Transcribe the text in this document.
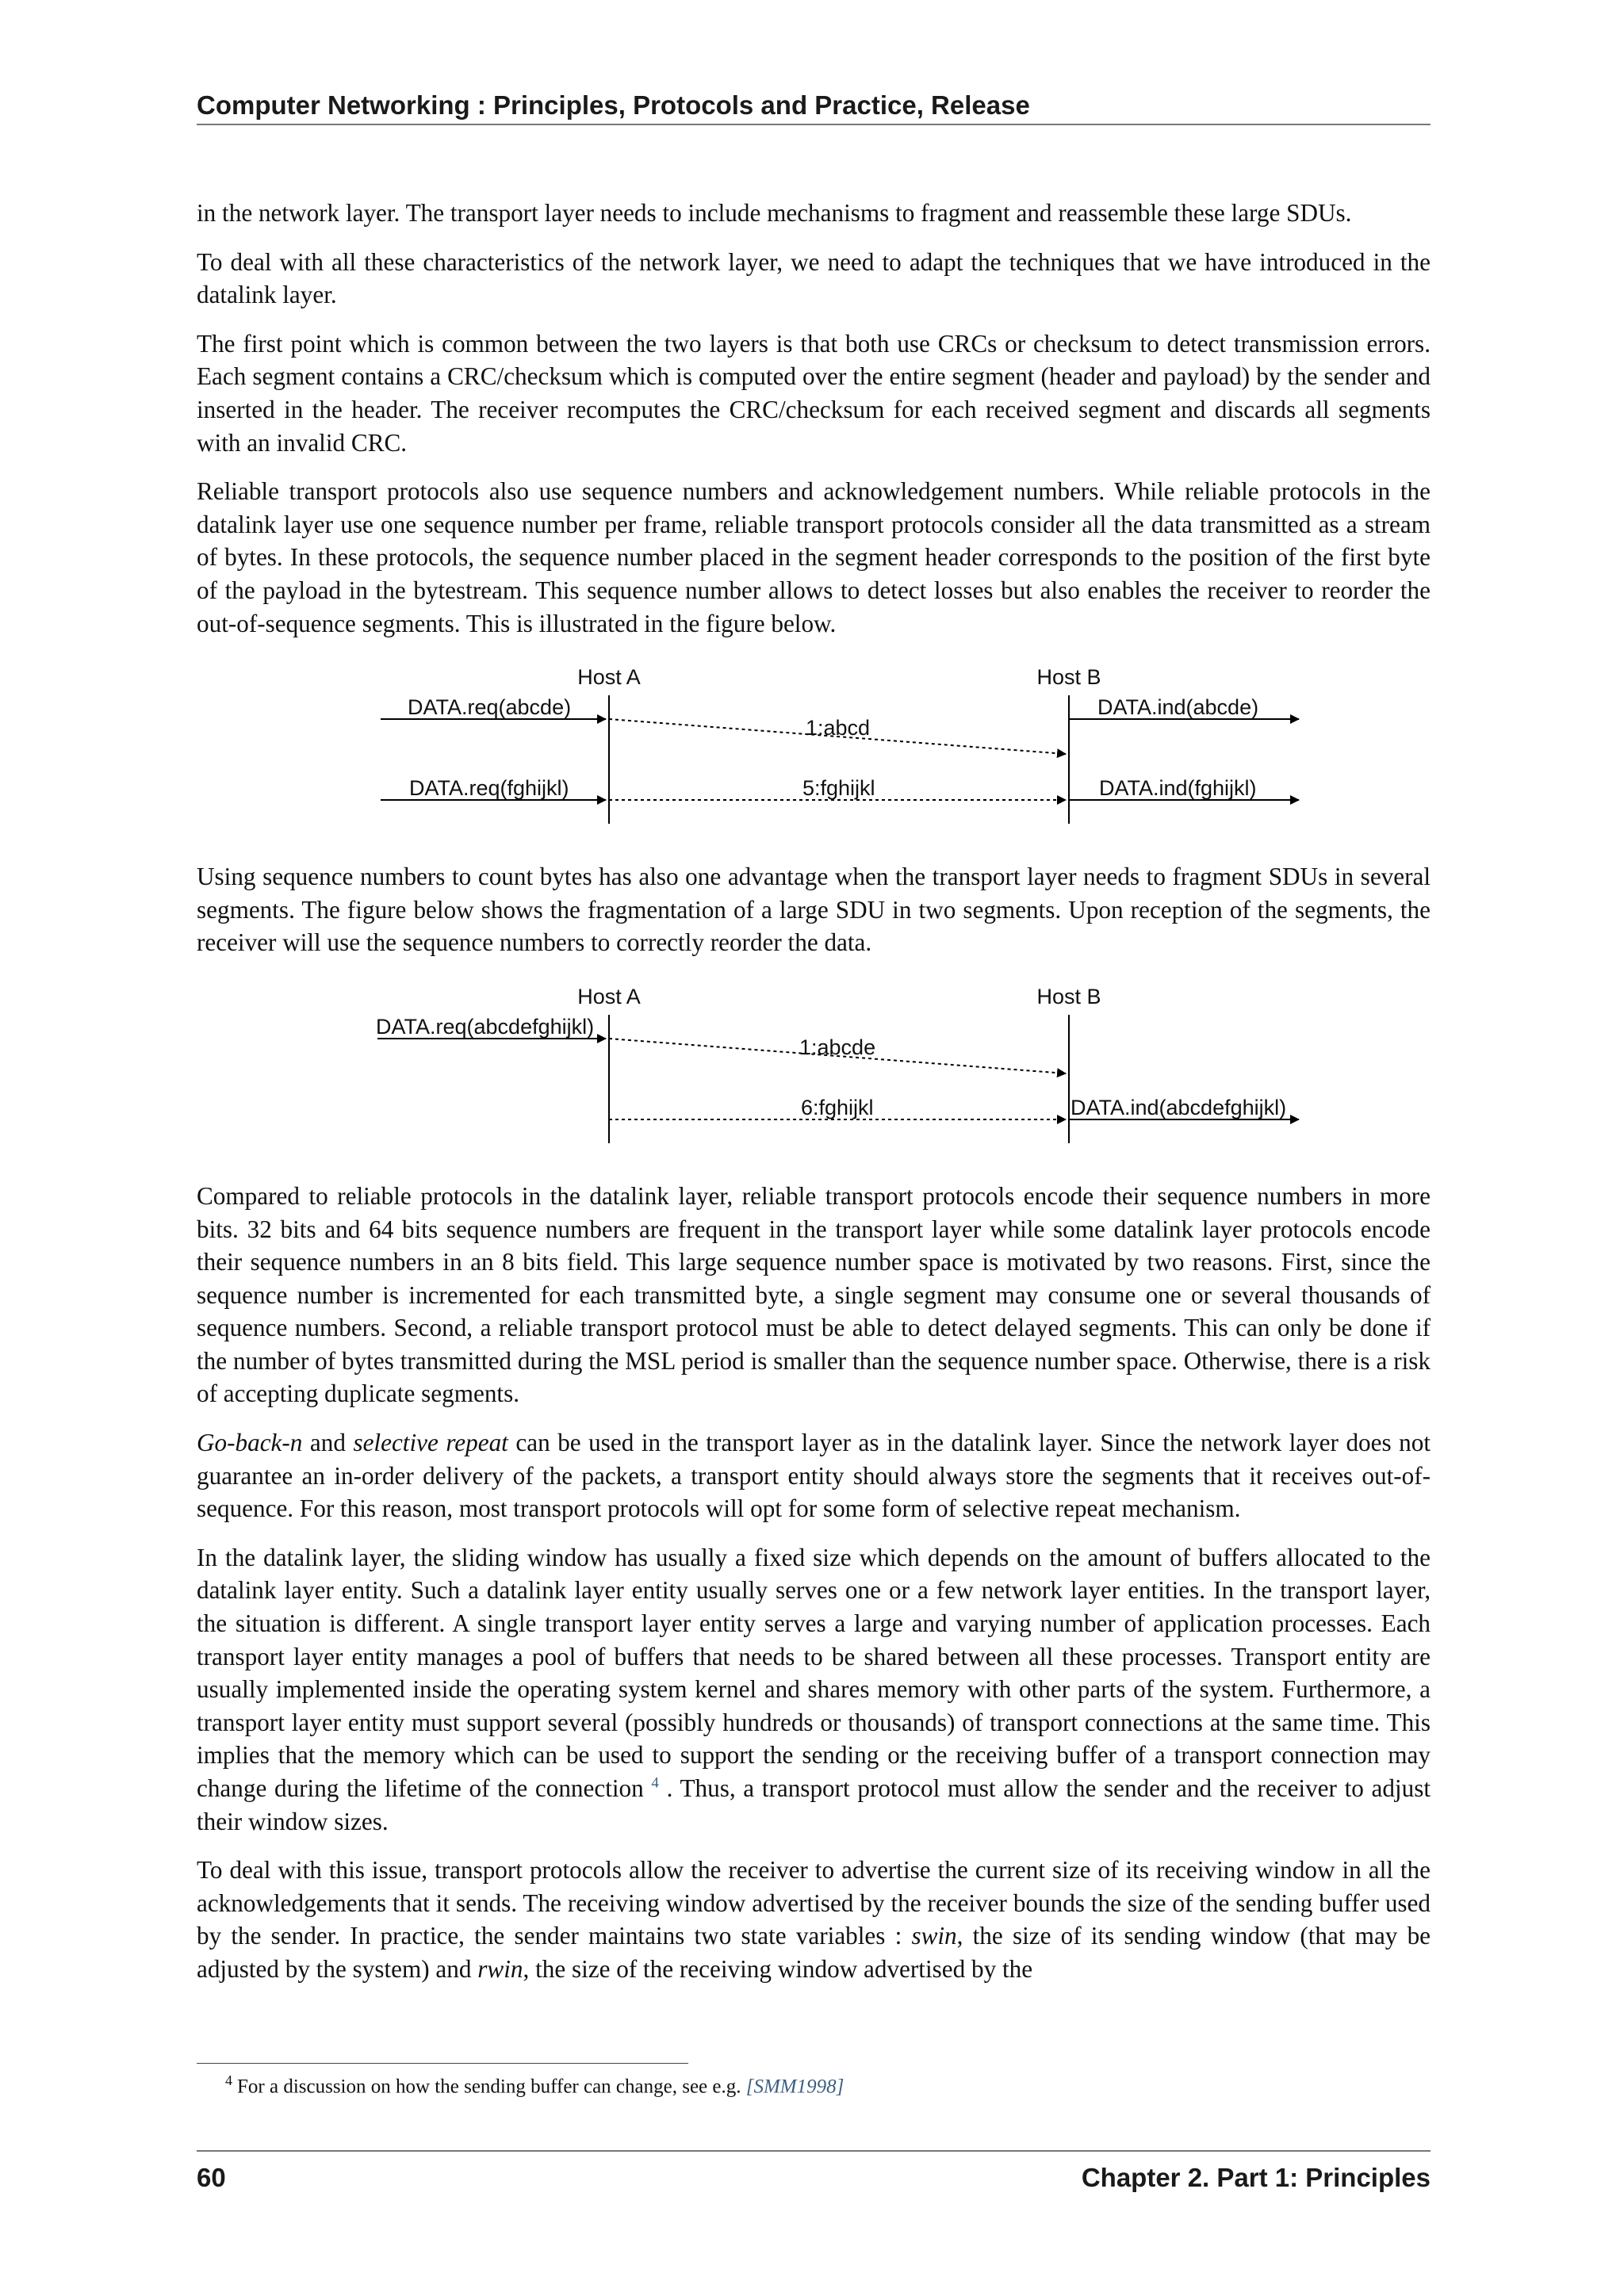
Computer Networking : Principles, Protocols and Practice, Release

in the network layer. The transport layer needs to include mechanisms to fragment and reassemble these large SDUs.

To deal with all these characteristics of the network layer, we need to adapt the techniques that we have introduced in the datalink layer.

The first point which is common between the two layers is that both use CRCs or checksum to detect transmission errors. Each segment contains a CRC/checksum which is computed over the entire segment (header and payload) by the sender and inserted in the header. The receiver recomputes the CRC/checksum for each received segment and discards all segments with an invalid CRC.

Reliable transport protocols also use sequence numbers and acknowledgement numbers. While reliable protocols in the datalink layer use one sequence number per frame, reliable transport protocols consider all the data transmitted as a stream of bytes. In these protocols, the sequence number placed in the segment header corresponds to the position of the first byte of the payload in the bytestream. This sequence number allows to detect losses but also enables the receiver to reorder the out-of-sequence segments. This is illustrated in the figure below.

Host A	Host B
DATA.req(abcde)
1:abcd
DATA.ind(abcde)
DATA.req(fghijkl)	5:fghijkl	DATA.ind(fghijkl)

Using sequence numbers to count bytes has also one advantage when the transport layer needs to fragment SDUs in several segments. The figure below shows the fragmentation of a large SDU in two segments. Upon reception of the segments, the receiver will use the sequence numbers to correctly reorder the data.

Host A	Host B
DATA.req(abcdefghijkl)
1:abcde
6:fghijkl	DATA.ind(abcdefghijkl)

Compared to reliable protocols in the datalink layer, reliable transport protocols encode their sequence numbers in more bits. 32 bits and 64 bits sequence numbers are frequent in the transport layer while some datalink layer protocols encode their sequence numbers in an 8 bits field. This large sequence number space is motivated by two reasons. First, since the sequence number is incremented for each transmitted byte, a single segment may consume one or several thousands of sequence numbers. Second, a reliable transport protocol must be able to detect delayed segments. This can only be done if the number of bytes transmitted during the MSL period is smaller than the sequence number space. Otherwise, there is a risk of accepting duplicate segments.

Go-back-n and selective repeat can be used in the transport layer as in the datalink layer. Since the network layer does not guarantee an in-order delivery of the packets, a transport entity should always store the segments that it receives out-of-sequence. For this reason, most transport protocols will opt for some form of selective repeat mechanism.

In the datalink layer, the sliding window has usually a fixed size which depends on the amount of buffers allocated to the datalink layer entity. Such a datalink layer entity usually serves one or a few network layer entities. In the transport layer, the situation is different. A single transport layer entity serves a large and varying number of application processes. Each transport layer entity manages a pool of buffers that needs to be shared between all these processes. Transport entity are usually implemented inside the operating system kernel and shares memory with other parts of the system. Furthermore, a transport layer entity must support several (possibly hundreds or thousands) of transport connections at the same time. This implies that the memory which can be used to support the sending or the receiving buffer of a transport connection may change during the lifetime of the connection $^4$ . Thus, a transport protocol must allow the sender and the receiver to adjust their window sizes.

To deal with this issue, transport protocols allow the receiver to advertise the current size of its receiving window in all the acknowledgements that it sends. The receiving window advertised by the receiver bounds the size of the sending buffer used by the sender. In practice, the sender maintains two state variables : swin, the size of its sending window (that may be adjusted by the system) and rwin, the size of the receiving window advertised by the

$^4$ For a discussion on how the sending buffer can change, see e.g. [SMM1998]
60	Chapter 2. Part 1: Principles
